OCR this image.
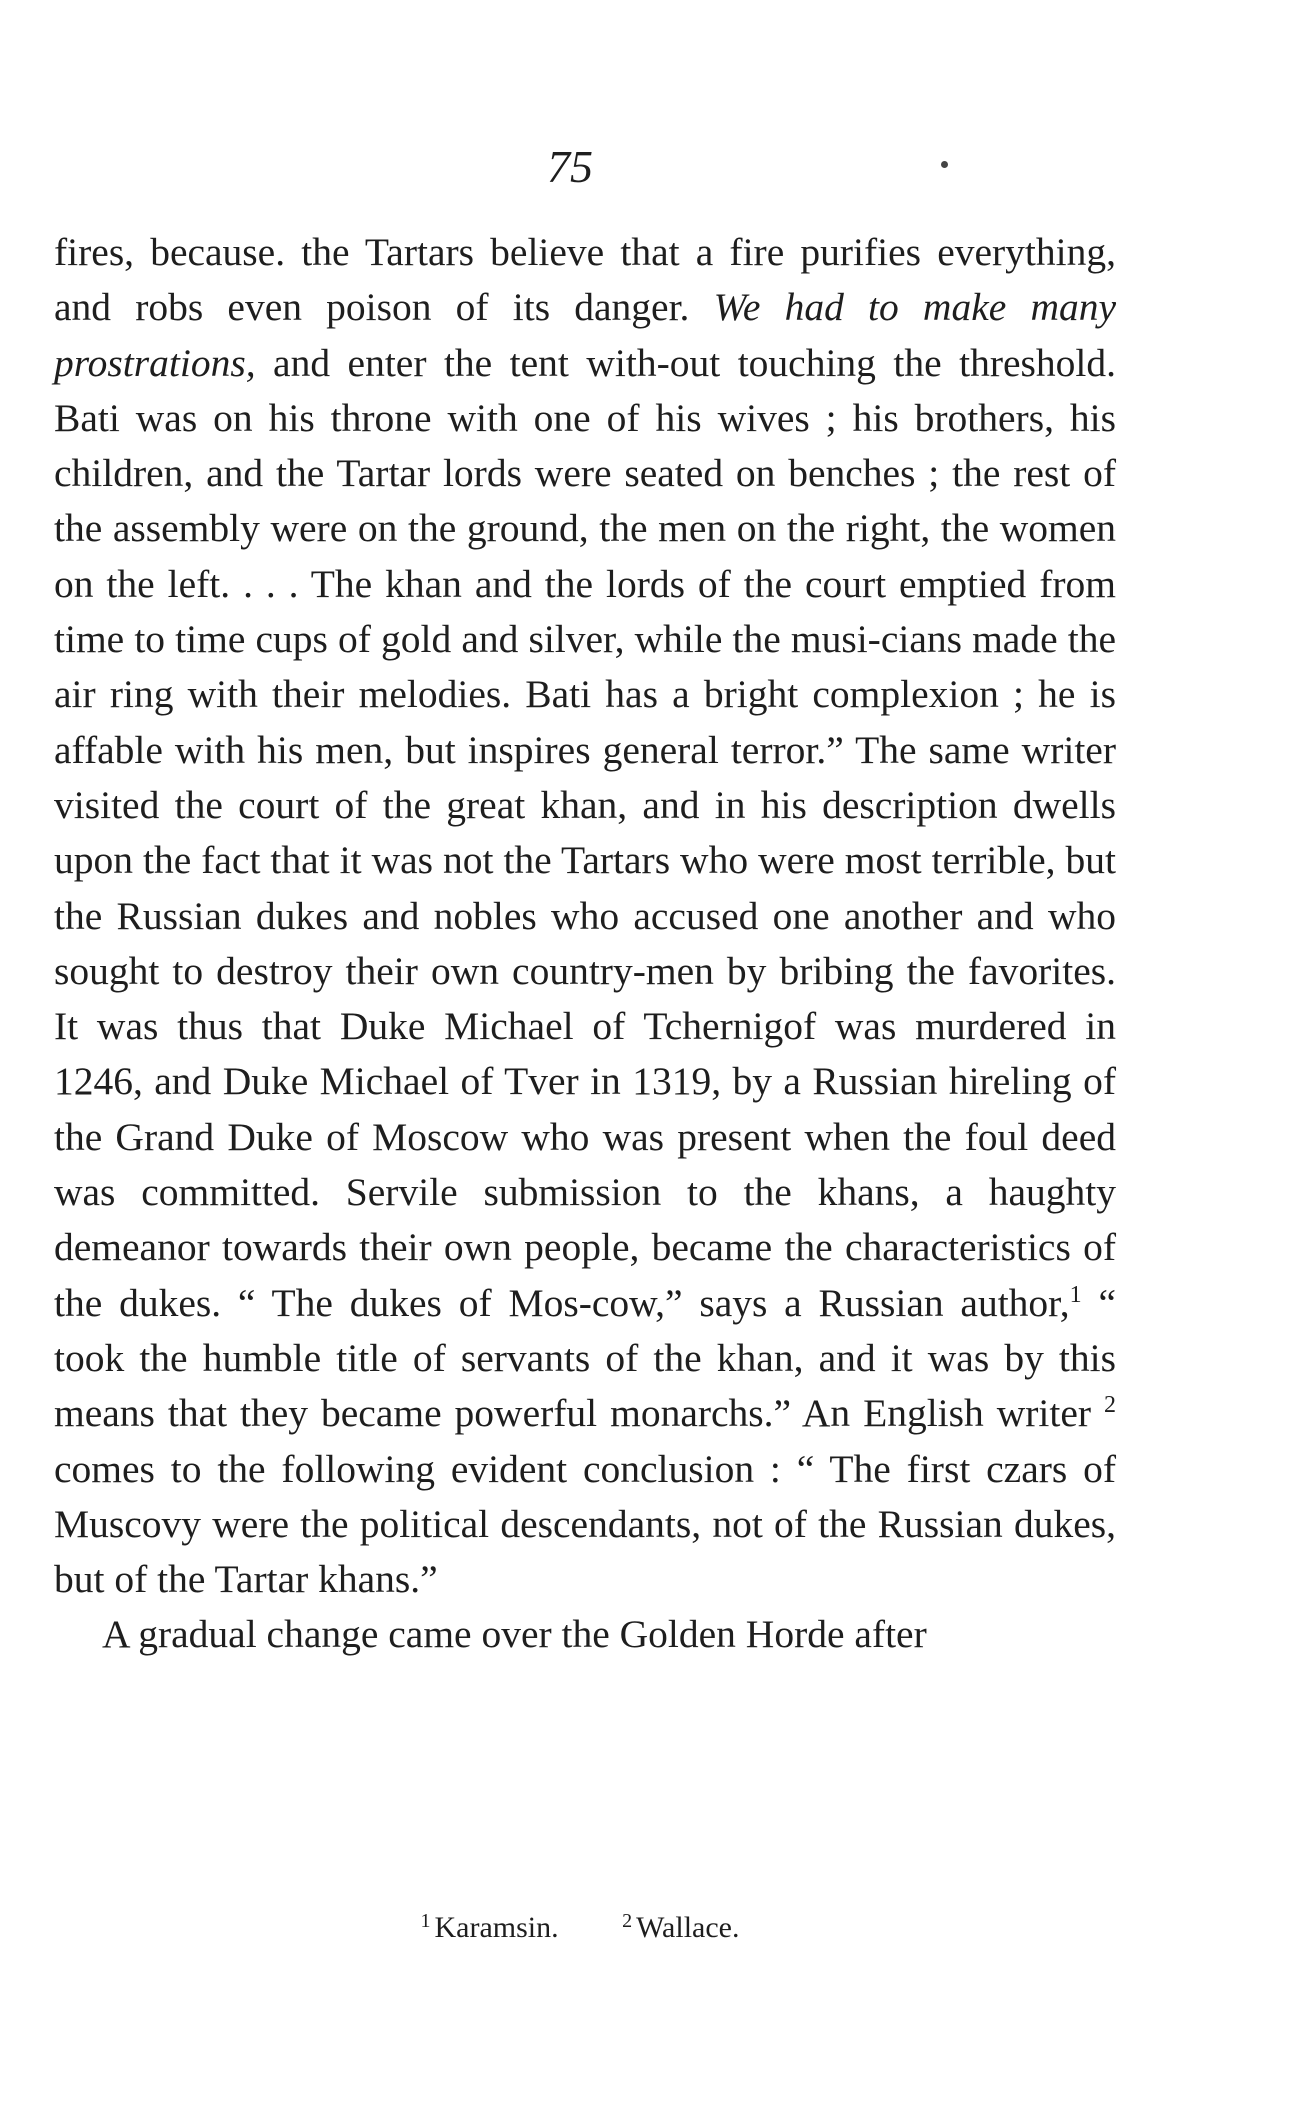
75

fires, because. the Tartars believe that a fire purifies everything, and robs even poison of its danger. We had to make many prostrations, and enter the tent with-out touching the threshold. Bati was on his throne with one of his wives ; his brothers, his children, and the Tartar lords were seated on benches ; the rest of the assembly were on the ground, the men on the right, the women on the left. . . . The khan and the lords of the court emptied from time to time cups of gold and silver, while the musi-cians made the air ring with their melodies. Bati has a bright complexion ; he is affable with his men, but inspires general terror.” The same writer visited the court of the great khan, and in his description dwells upon the fact that it was not the Tartars who were most terrible, but the Russian dukes and nobles who accused one another and who sought to destroy their own country-men by bribing the favorites. It was thus that Duke Michael of Tchernigof was murdered in 1246, and Duke Michael of Tver in 1319, by a Russian hireling of the Grand Duke of Moscow who was present when the foul deed was committed. Servile submission to the khans, a haughty demeanor towards their own people, became the characteristics of the dukes. “ The dukes of Mos-cow,” says a Russian author,$^1$ “ took the humble title of servants of the khan, and it was by this means that they became powerful monarchs.” An English writer $^2$ comes to the following evident conclusion : “ The first czars of Muscovy were the political descendants, not of the Russian dukes, but of the Tartar khans.”

A gradual change came over the Golden Horde after

$^1$ Karamsin.	$^2$ Wallace.
